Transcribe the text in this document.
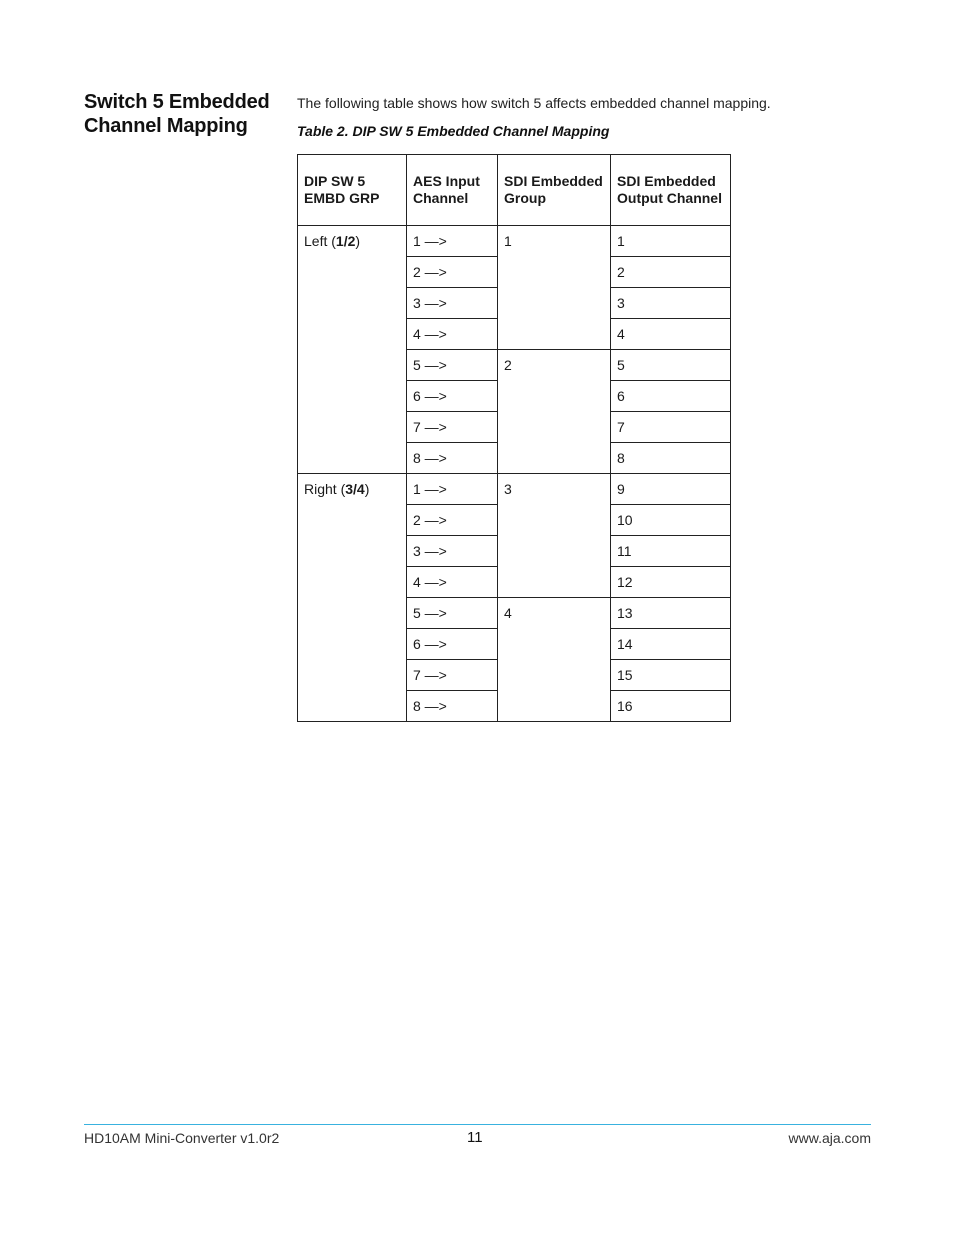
Switch 5 Embedded
Channel Mapping
The following table shows how switch 5 affects embedded channel mapping.
Table 2. DIP SW 5 Embedded Channel Mapping
DIP SW 5 EMBD GRP	AES Input Channel	SDI Embedded Group	SDI Embedded Output Channel
Left (1/2)	1 —>	1	1
	2 —>		2
	3 —>		3
	4 —>		4
	5 —>	2	5
	6 —>		6
	7 —>		7
	8 —>		8
Right (3/4)	1 —>	3	9
	2 —>		10
	3 —>		11
	4 —>		12
	5 —>	4	13
	6 —>		14
	7 —>		15
	8 —>		16
HD10AM Mini-Converter v1.0r2	11	www.aja.com
